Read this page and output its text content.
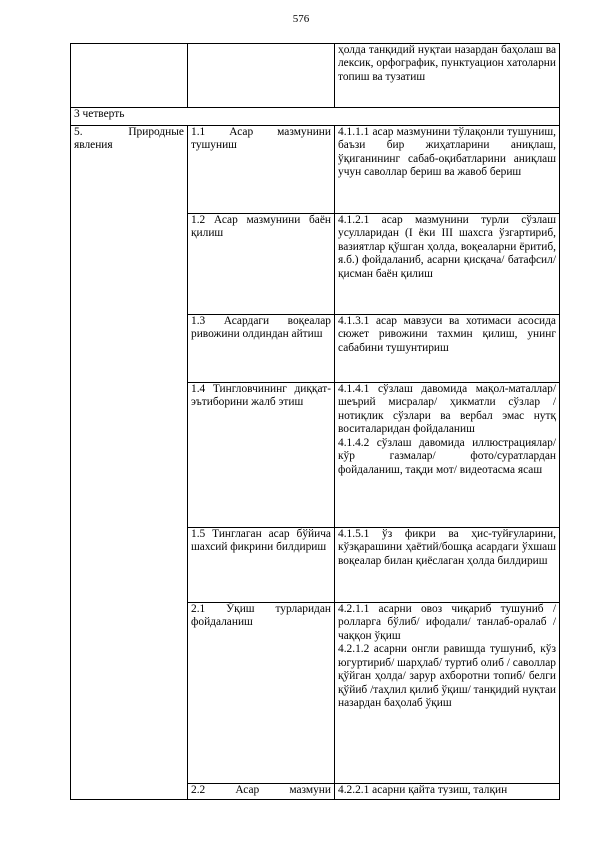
576

		ҳолда танқидий нуқтаи назардан баҳолаш ва лексик, орфографик, пунктуацион хатоларни топиш ва тузатиш

3 четверть		

5.     Природные явления	1.1 Асар мазмунини тушуниш	4.1.1.1 асар мазмунини тўлақонли тушуниш, баъзи бир жиҳатларини аниқлаш, ўқиганининг сабаб-оқибатларини аниқлаш учун саволлар бериш ва жавоб бериш

	1.2 Асар мазмунини баён қилиш	4.1.2.1 асар мазмунини турли сўзлаш усулларидан (I ёки III шахсга ўзгартириб, вазиятлар қўшган ҳолда, воқеаларни ёритиб, я.б.) фойдаланиб, асарни қисқача/ батафсил/ қисман баён қилиш

	1.3 Асардаги воқеалар ривожини олдиндан айтиш	4.1.3.1 асар мавзуси ва хотимаси асосида сюжет ривожини тахмин қилиш, унинг сабабини тушунтириш

	1.4 Тингловчининг диққат-эътиборини жалб этиш	4.1.4.1 сўзлаш давомида мақол-маталлар/шеърий мисралар/ ҳикматли сўзлар / нотиқлик сўзлари ва вербал эмас нутқ воситаларидан фойдаланиш
4.1.4.2 сўзлаш давомида иллюстрациялар/кўр газмалар/ фото/суратлардан фойдаланиш, тақди мот/ видеотасма ясаш

	1.5 Тинглаган асар бўйича шахсий фикрини билдириш	4.1.5.1 ўз фикри ва ҳис-туйғуларини, кўзқарашини ҳаётий/бошқа асардаги ўхшаш воқеалар билан қиёслаган ҳолда билдириш

	2.1 Ўқиш турларидан фойдаланиш	4.2.1.1 асарни овоз чиқариб тушуниб /ролларга бўлиб/ ифодали/ танлаб-оралаб / чаққон ўқиш
4.2.1.2 асарни онгли равишда тушуниб, кўз югуртириб/ шарҳлаб/ туртиб олиб / саволлар қўйган ҳолда/ зарур ахборотни топиб/ белги қўйиб /таҳлил қилиб ўқиш/ танқидий нуқтаи назардан баҳолаб ўқиш

	2.2 Асар мазмуни	4.2.2.1 асарни қайта тузиш, талқин
